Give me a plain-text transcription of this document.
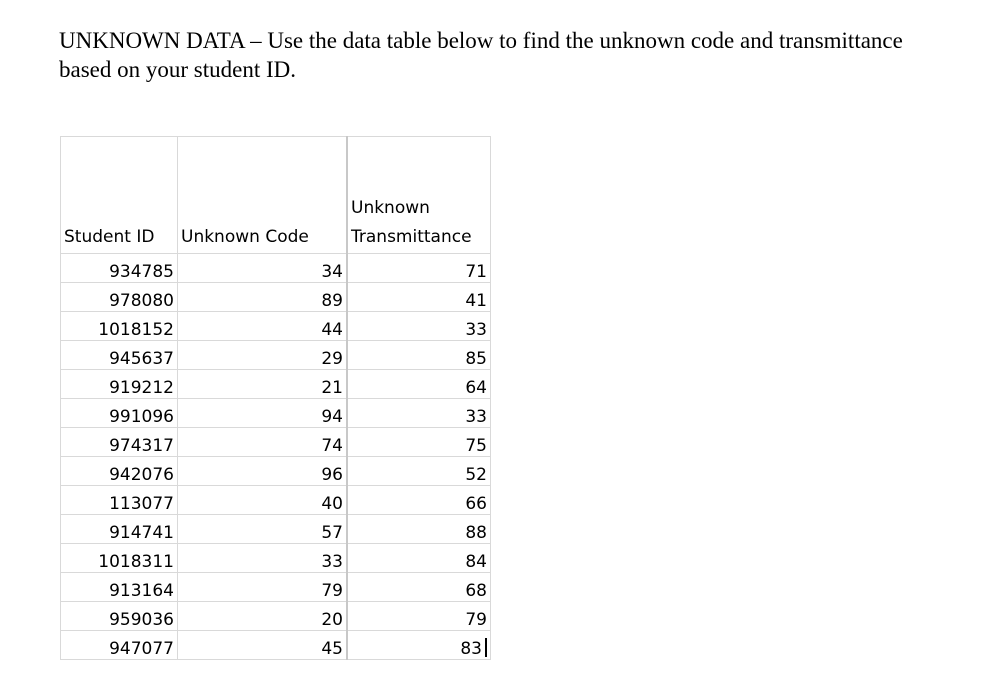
UNKNOWN DATA – Use the data table below to find the unknown code and transmittance
based on your student ID.

Student ID	Unknown Code	Unknown
Transmittance
934785	34	71
978080	89	41
1018152	44	33
945637	29	85
919212	21	64
991096	94	33
974317	74	75
942076	96	52
113077	40	66
914741	57	88
1018311	33	84
913164	79	68
959036	20	79
947077	45	83
